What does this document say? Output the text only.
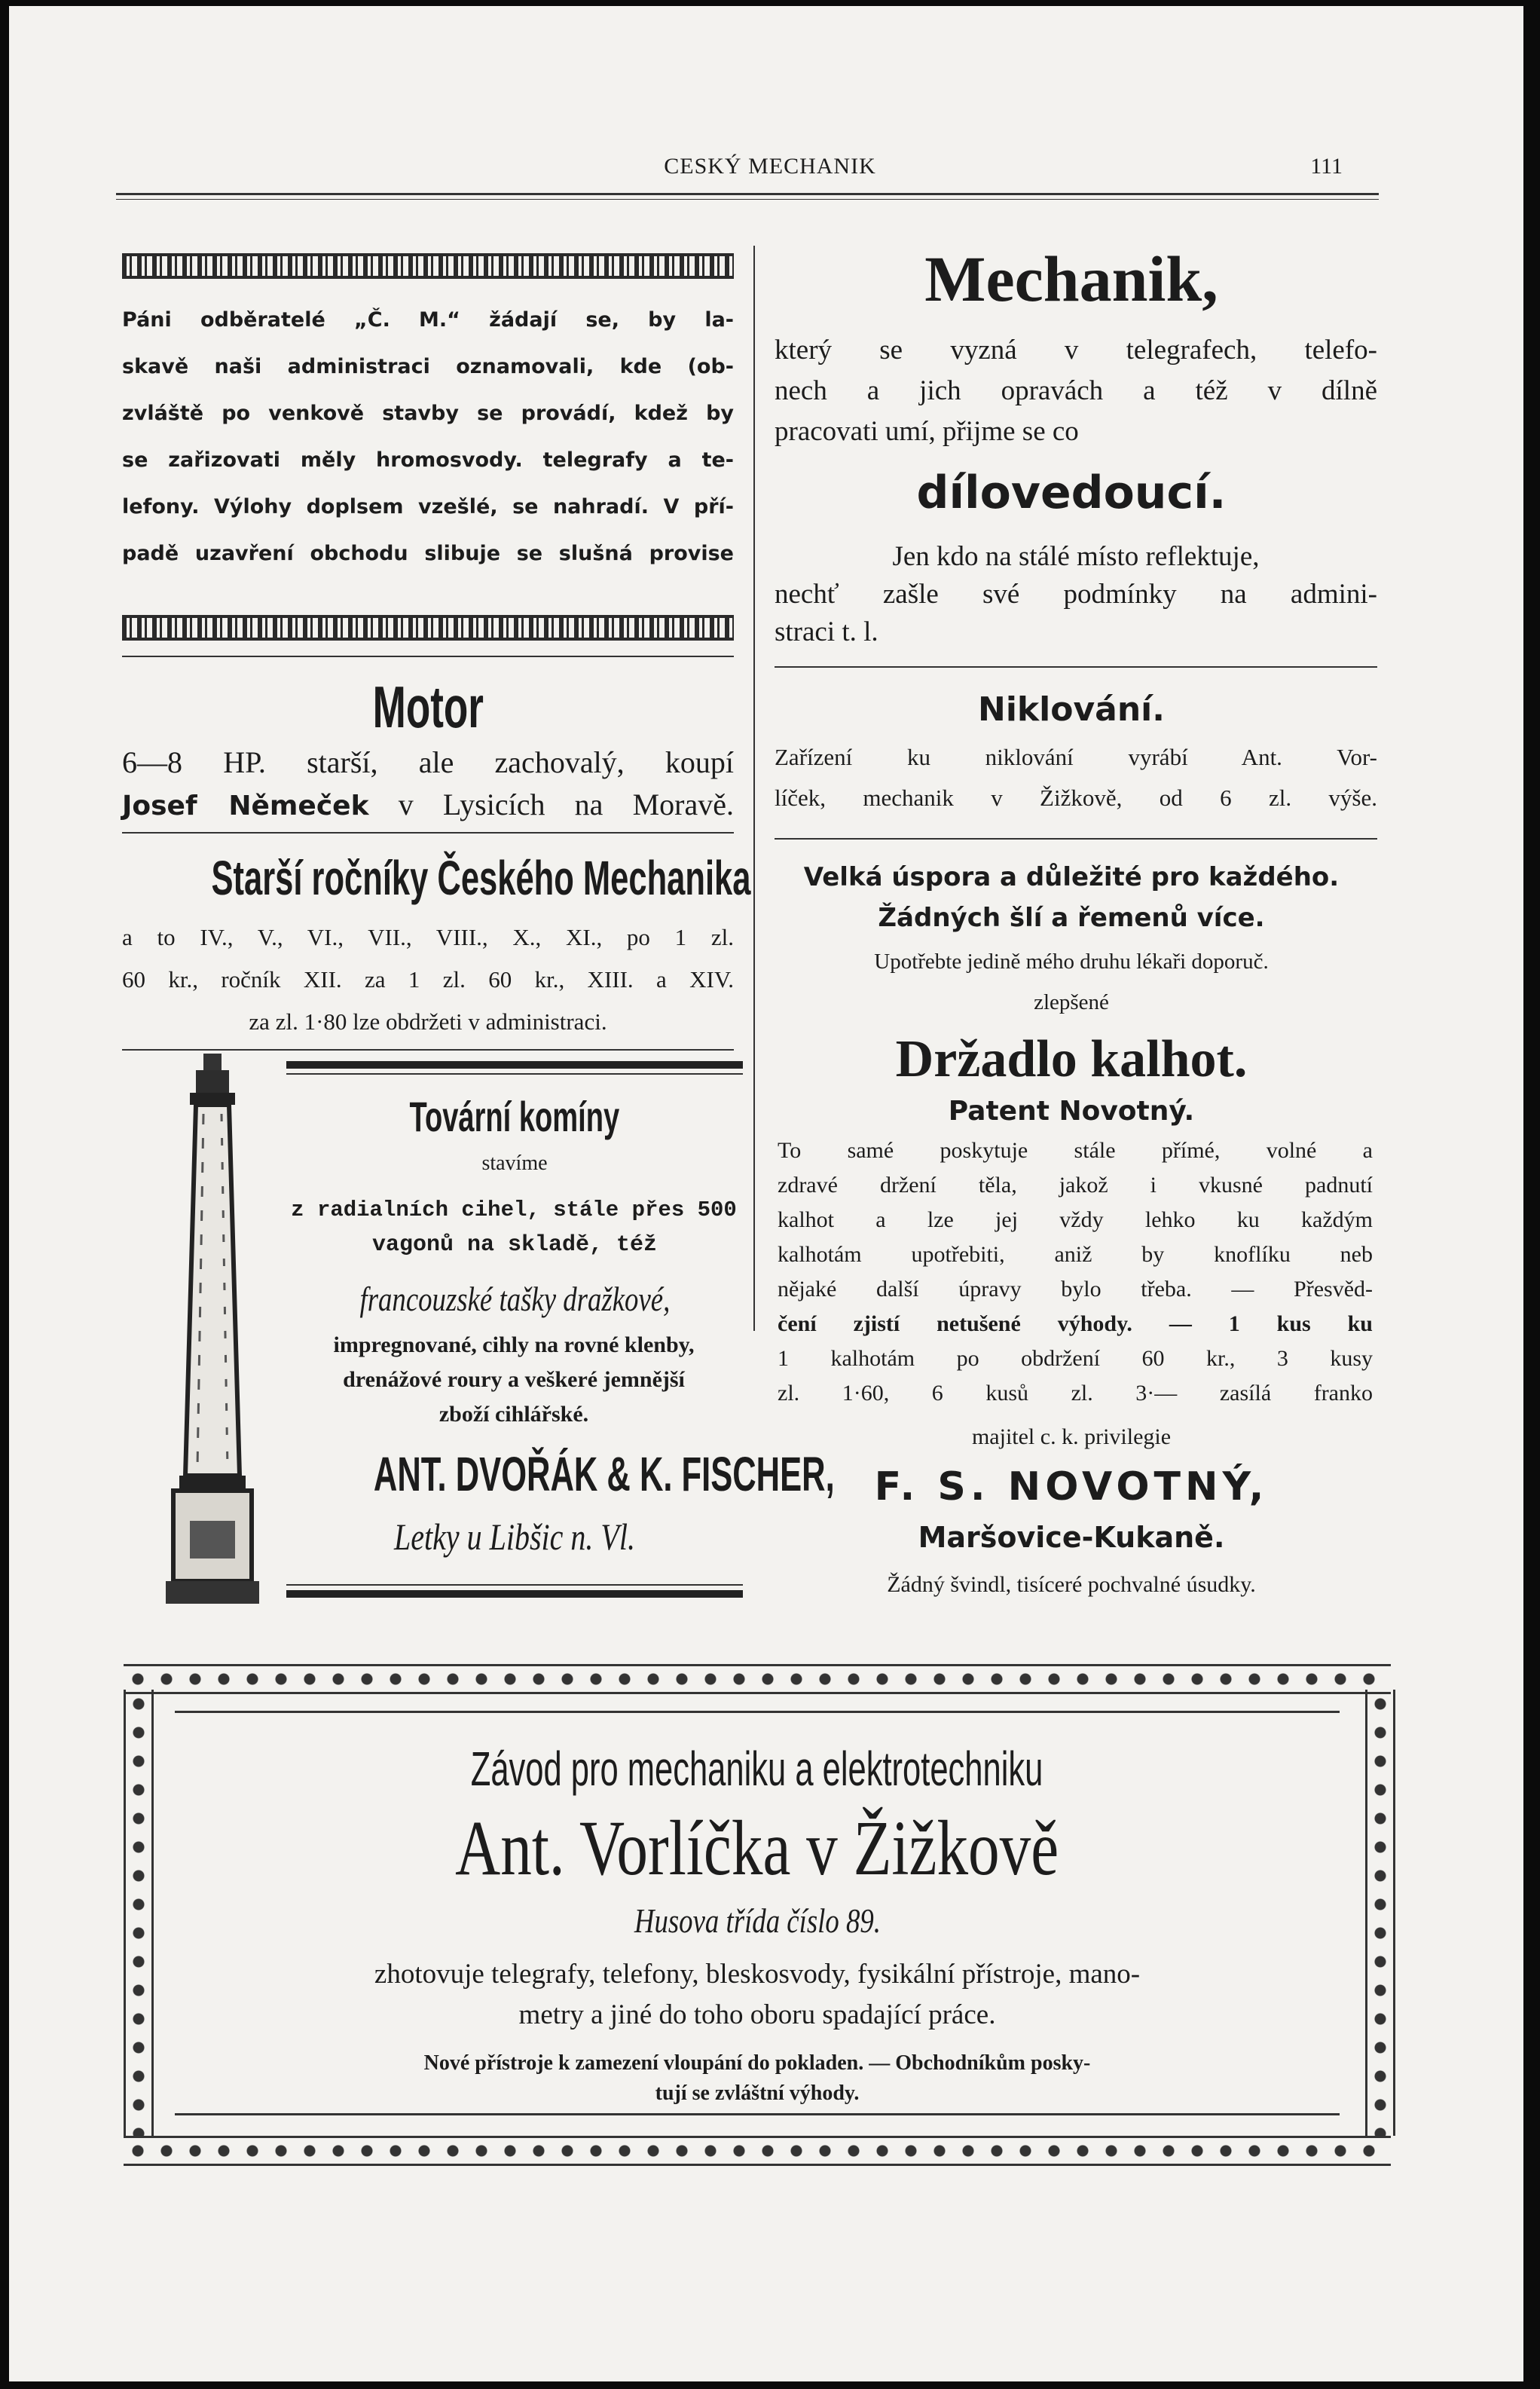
CESKÝ MECHANIK	111
Páni odběratelé „Č. M.“ žádají se, by la-
skavě naši administraci oznamovali, kde (ob-
zvláště po venkově stavby se provádí, kdež by
se zařizovati měly hromosvody. telegrafy a te-
lefony. Výlohy doplsem vzešlé, se nahradí. V pří-
padě uzavření obchodu slibuje se slušná provise
Motor
6—8 HP. starší, ale zachovalý, koupí
Josef Němeček v Lysicích na Moravě.
Starší ročníky Českého Mechanika
a to IV., V., VI., VII., VIII., X., XI., po 1 zl.
60 kr., ročník XII. za 1 zl. 60 kr., XIII. a XIV.
za zl. 1·80 lze obdržeti v administraci.
Tovární komíny
stavíme
z radialních cihel, stále přes 500
vagonů na skladě, též
francouzské tašky dražkové,
impregnované, cihly na rovné klenby,
drenážové roury a veškeré jemnější
zboží cihlářské.
ANT. DVOŘÁK & K. FISCHER,
Letky u Libšic n. Vl.
Mechanik,
který se vyzná v telegrafech, telefo-
nech a jich opravách a též v dílně
pracovati umí, přijme se co
dílovedoucí.
Jen kdo na stálé místo reflektuje,
nechť zašle své podmínky na admini-
straci t. l.
Niklování.
Zařízení ku niklování vyrábí Ant. Vor-
líček, mechanik v Žižkově, od 6 zl. výše.
Velká úspora a důležité pro každého.
Žádných šlí a řemenů více.
Upotřebte jedině mého druhu lékaři doporuč.
zlepšené
Držadlo kalhot.
Patent Novotný.
To samé poskytuje stále přímé, volné a
zdravé držení těla, jakož i vkusné padnutí
kalhot a lze jej vždy lehko ku každým
kalhotám upotřebiti, aniž by knoflíku neb
nějaké další úpravy bylo třeba. — Přesvěd-
čení zjistí netušené výhody. — 1 kus ku
1 kalhotám po obdržení 60 kr., 3 kusy
zl. 1·60, 6 kusů zl. 3·— zasílá franko
majitel c. k. privilegie
F. S. NOVOTNÝ,
Maršovice-Kukaně.
Žádný švindl, tisíceré pochvalné úsudky.
Závod pro mechaniku a elektrotechniku
Ant. Vorlíčka v Žižkově
Husova třída číslo 89.
zhotovuje telegrafy, telefony, bleskosvody, fysikální přístroje, mano-
metry a jiné do toho oboru spadající práce.
Nové přístroje k zamezení vloupání do pokladen. — Obchodníkům posky-
tují se zvláštní výhody.
